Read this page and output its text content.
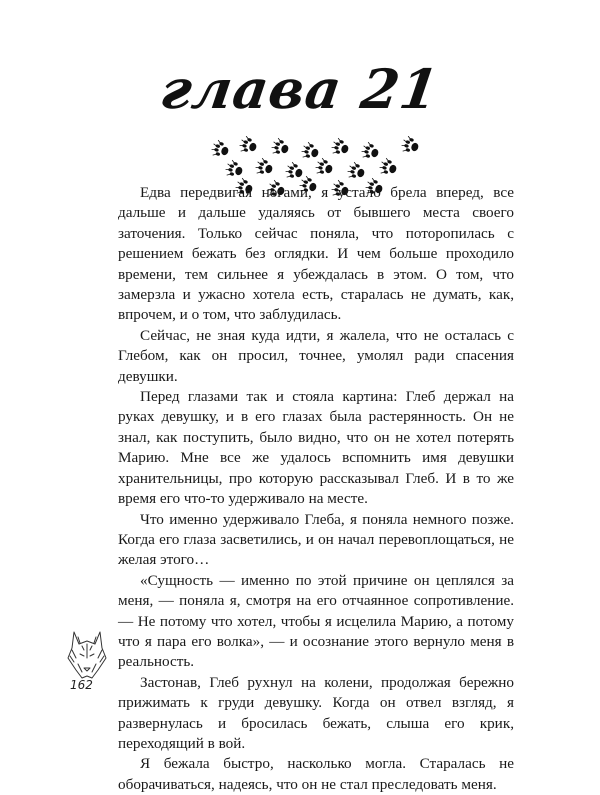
глава 21

Едва передвигая ногами, я устало брела вперед, все дальше и дальше удаляясь от бывшего места своего заточения. Только сейчас поняла, что поторопилась с решением бежать без оглядки. И чем больше проходило времени, тем сильнее я убеждалась в этом. О том, что замерзла и ужасно хотела есть, старалась не думать, как, впрочем, и о том, что заблудилась.

Сейчас, не зная куда идти, я жалела, что не осталась с Глебом, как он просил, точнее, умолял ради спасения девушки.

Перед глазами так и стояла картина: Глеб держал на руках девушку, и в его глазах была растерянность. Он не знал, как поступить, было видно, что он не хотел потерять Марию. Мне все же удалось вспомнить имя девушки хранительницы, про которую рассказывал Глеб. И в то же время его что-то удерживало на месте.

Что именно удерживало Глеба, я поняла немного позже. Когда его глаза засветились, и он начал перевоплощаться, не желая этого…

«Сущность — именно по этой причине он цеплялся за меня, — поняла я, смотря на его отчаянное сопротивление. — Не потому что хотел, чтобы я исцелила Марию, а потому что я пара его волка», — и осознание этого вернуло меня в реальность.

Застонав, Глеб рухнул на колени, продолжая бережно прижимать к груди девушку. Когда он отвел взгляд, я развернулась и бросилась бежать, слыша его крик, переходящий в вой.

Я бежала быстро, насколько могла. Старалась не оборачиваться, надеясь, что он не стал преследовать меня.

162
